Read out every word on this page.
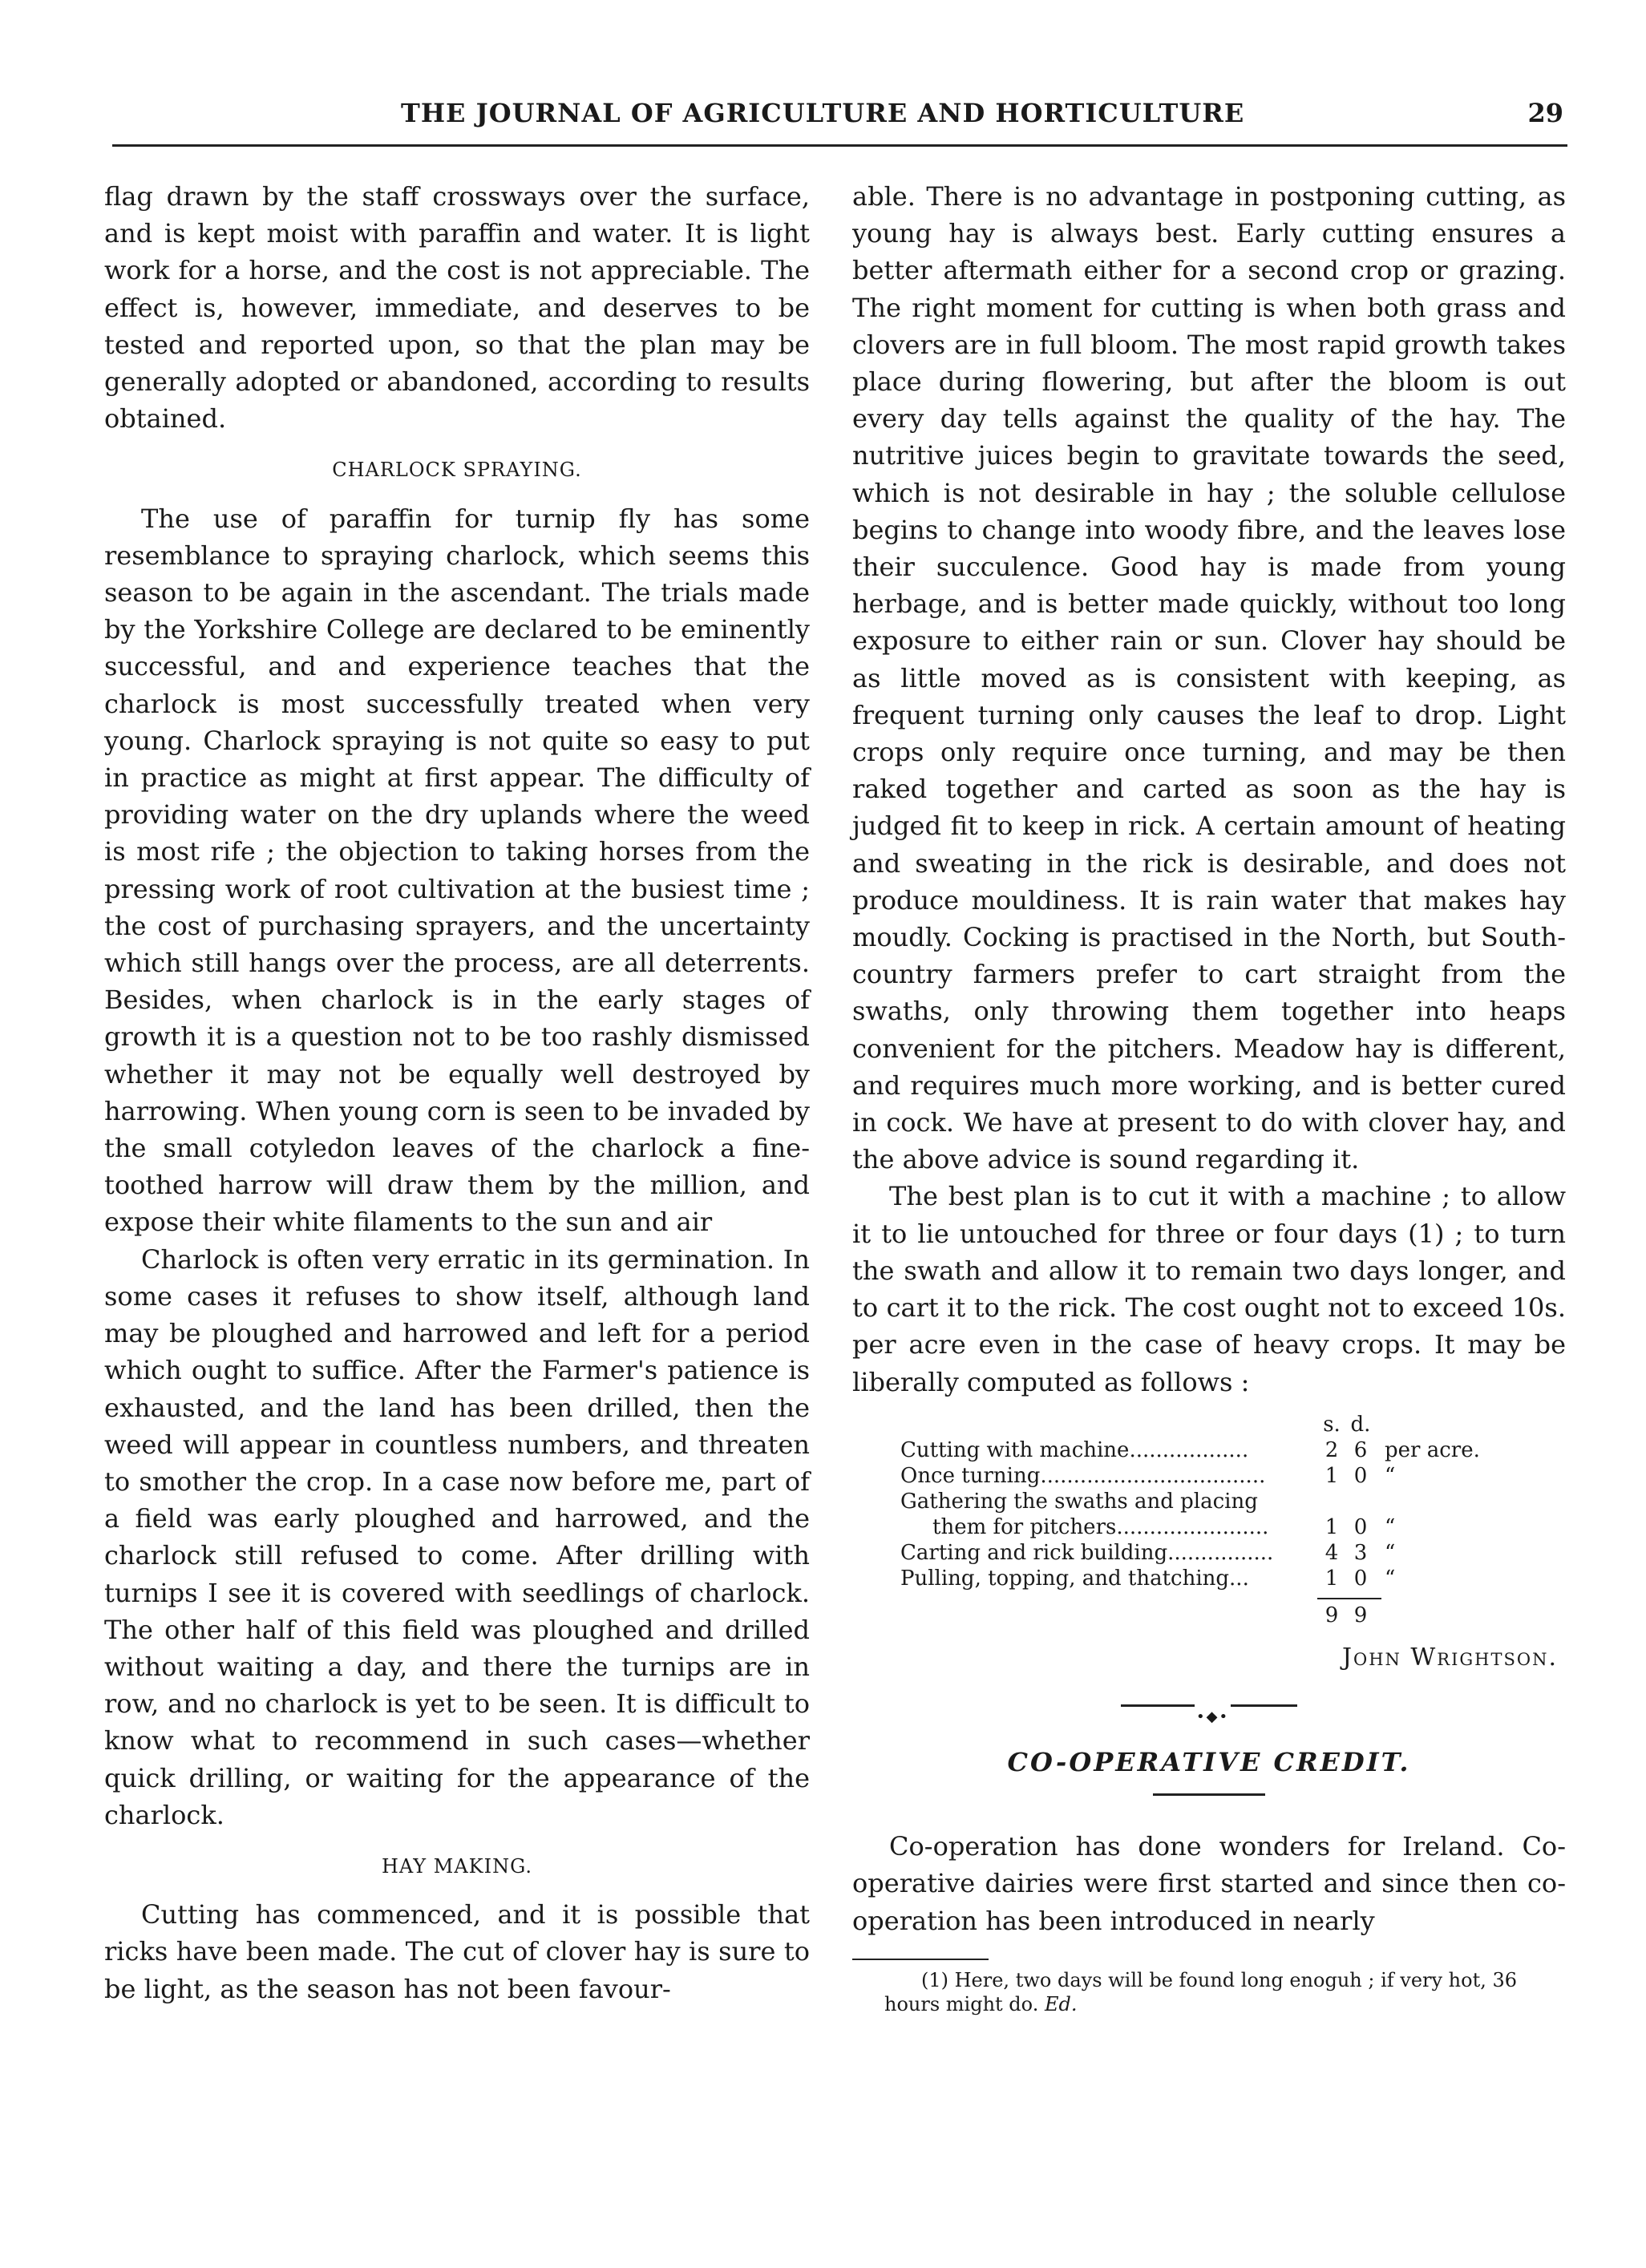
THE JOURNAL OF AGRICULTURE AND HORTICULTURE	29

flag drawn by the staff crossways over the surface, and is kept moist with paraffin and water. It is light work for a horse, and the cost is not appreciable. The effect is, however, immediate, and deserves to be tested and reported upon, so that the plan may be generally adopted or abandoned, according to results obtained.

CHARLOCK SPRAYING.

The use of paraffin for turnip fly has some resemblance to spraying charlock, which seems this season to be again in the ascendant. The trials made by the Yorkshire College are declared to be eminently successful, and and experience teaches that the charlock is most successfully treated when very young. Charlock spraying is not quite so easy to put in practice as might at first appear. The difficulty of providing water on the dry uplands where the weed is most rife ; the objection to taking horses from the pressing work of root cultivation at the busiest time ; the cost of purchasing sprayers, and the uncertainty which still hangs over the process, are all deterrents. Besides, when charlock is in the early stages of growth it is a question not to be too rashly dismissed whether it may not be equally well destroyed by harrowing. When young corn is seen to be invaded by the small cotyledon leaves of the charlock a fine-toothed harrow will draw them by the million, and expose their white filaments to the sun and air

Charlock is often very erratic in its germination. In some cases it refuses to show itself, although land may be ploughed and harrowed and left for a period which ought to suffice. After the Farmer's patience is exhausted, and the land has been drilled, then the weed will appear in countless numbers, and threaten to smother the crop. In a case now before me, part of a field was early ploughed and harrowed, and the charlock still refused to come. After drilling with turnips I see it is covered with seedlings of charlock. The other half of this field was ploughed and drilled without waiting a day, and there the turnips are in row, and no charlock is yet to be seen. It is difficult to know what to recommend in such cases—whether quick drilling, or waiting for the appearance of the charlock.

HAY MAKING.

Cutting has commenced, and it is possible that ricks have been made. The cut of clover hay is sure to be light, as the season has not been favour-

able. There is no advantage in postponing cutting, as young hay is always best. Early cutting ensures a better aftermath either for a second crop or grazing. The right moment for cutting is when both grass and clovers are in full bloom. The most rapid growth takes place during flowering, but after the bloom is out every day tells against the quality of the hay. The nutritive juices begin to gravitate towards the seed, which is not desirable in hay ; the soluble cellulose begins to change into woody fibre, and the leaves lose their succulence. Good hay is made from young herbage, and is better made quickly, without too long exposure to either rain or sun. Clover hay should be as little moved as is consistent with keeping, as frequent turning only causes the leaf to drop. Light crops only require once turning, and may be then raked together and carted as soon as the hay is judged fit to keep in rick. A certain amount of heating and sweating in the rick is desirable, and does not produce mouldiness. It is rain water that makes hay moudly. Cocking is practised in the North, but South-country farmers prefer to cart straight from the swaths, only throwing them together into heaps convenient for the pitchers. Meadow hay is different, and requires much more working, and is better cured in cock. We have at present to do with clover hay, and the above advice is sound regarding it.

The best plan is to cut it with a machine ; to allow it to lie untouched for three or four days (1) ; to turn the swath and allow it to remain two days longer, and to cart it to the rick. The cost ought not to exceed 10s. per acre even in the case of heavy crops. It may be liberally computed as follows :

s. d.
Cutting with machine..................	2 6 per acre.
Once turning..................................	1 0 “
Gathering the swaths and placing
them for pitchers.......................	1 0 “
Carting and rick building................	4 3 “
Pulling, topping, and thatching...	1 0 “
9 9
John Wrightson.
•◆•
CO-OPERATIVE CREDIT.

Co-operation has done wonders for Ireland. Co-operative dairies were first started and since then co-operation has been introduced in nearly

(1) Here, two days will be found long enoguh ; if very hot, 36 hours might do. Ed.
